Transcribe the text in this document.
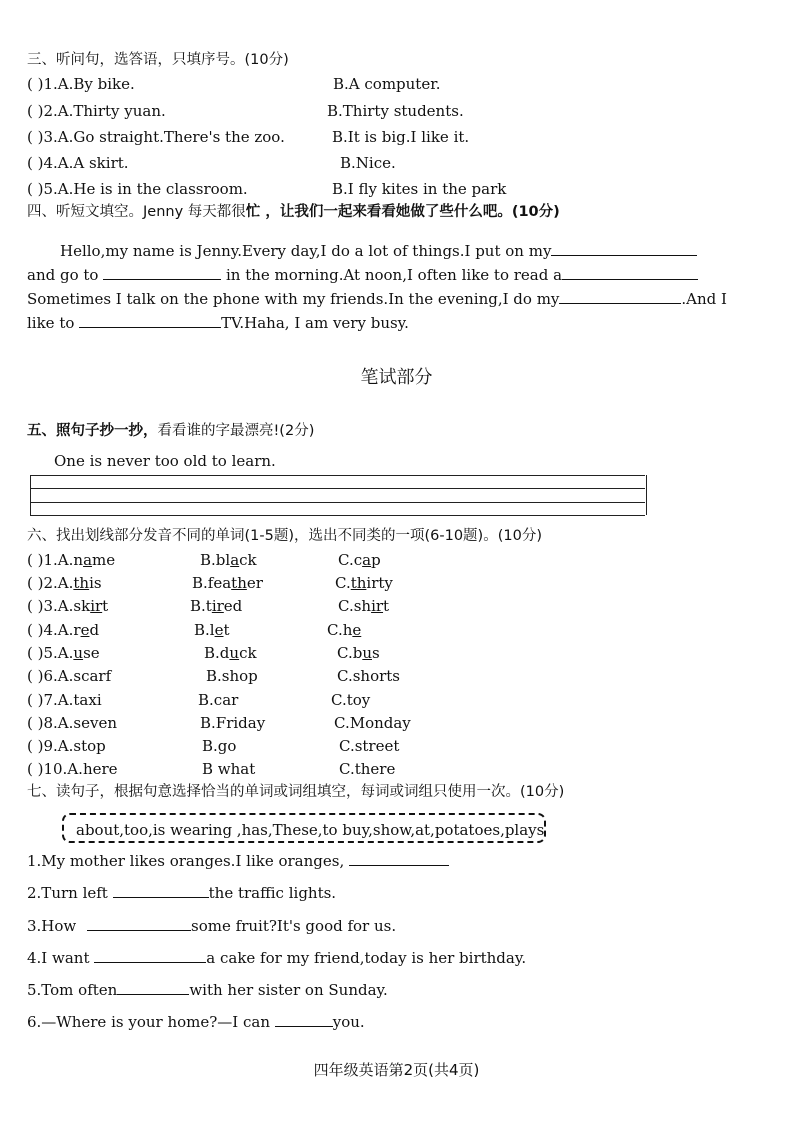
三、听问句，选答语，只填序号。(10分)
( )1.A.By bike.	B.A computer.
( )2.A.Thirty yuan.	B.Thirty students.
( )3.A.Go straight.There's the zoo.	B.It is big.I like it.
( )4.A.A skirt.	B.Nice.
( )5.A.He is in the classroom.	B.I fly kites in the park
四、听短文填空。Jenny 每天都很忙 ，让我们一起来看看她做了些什么吧。(10分)
Hello,my name is Jenny.Every day,I do a lot of things.I put on my
and go to	in the morning.At noon,I often like to read a
Sometimes I talk on the phone with my friends.In the evening,I do my	.And I
like to	TV.Haha, I am very busy.
笔试部分
五、照句子抄一抄，看看谁的字最漂亮!(2分)
One is never too old to learn.
六、找出划线部分发音不同的单词(1-5题)，选出不同类的一项(6-10题)。(10分)
( )1.A.name	B.black	C.cap
( )2.A.this	B.feather	C.thirty
( )3.A.skirt	B.tired	C.shirt
( )4.A.red	B.let	C.he
( )5.A.use	B.duck	C.bus
( )6.A.scarf	B.shop	C.shorts
( )7.A.taxi	B.car	C.toy
( )8.A.seven	B.Friday	C.Monday
( )9.A.stop	B.go	C.street
( )10.A.here	B what	C.there
七、读句子，根据句意选择恰当的单词或词组填空，每词或词组只使用一次。(10分)
about,too,is wearing ,has,These,to buy,show,at,potatoes,plays
1.My mother likes oranges.I like oranges,
2.Turn left	the traffic lights.
3.How	some fruit?It's good for us.
4.I want	a cake for my friend,today is her birthday.
5.Tom often	with her sister on Sunday.
6.—Where is your home?—I can	you.
四年级英语第2页(共4页)
